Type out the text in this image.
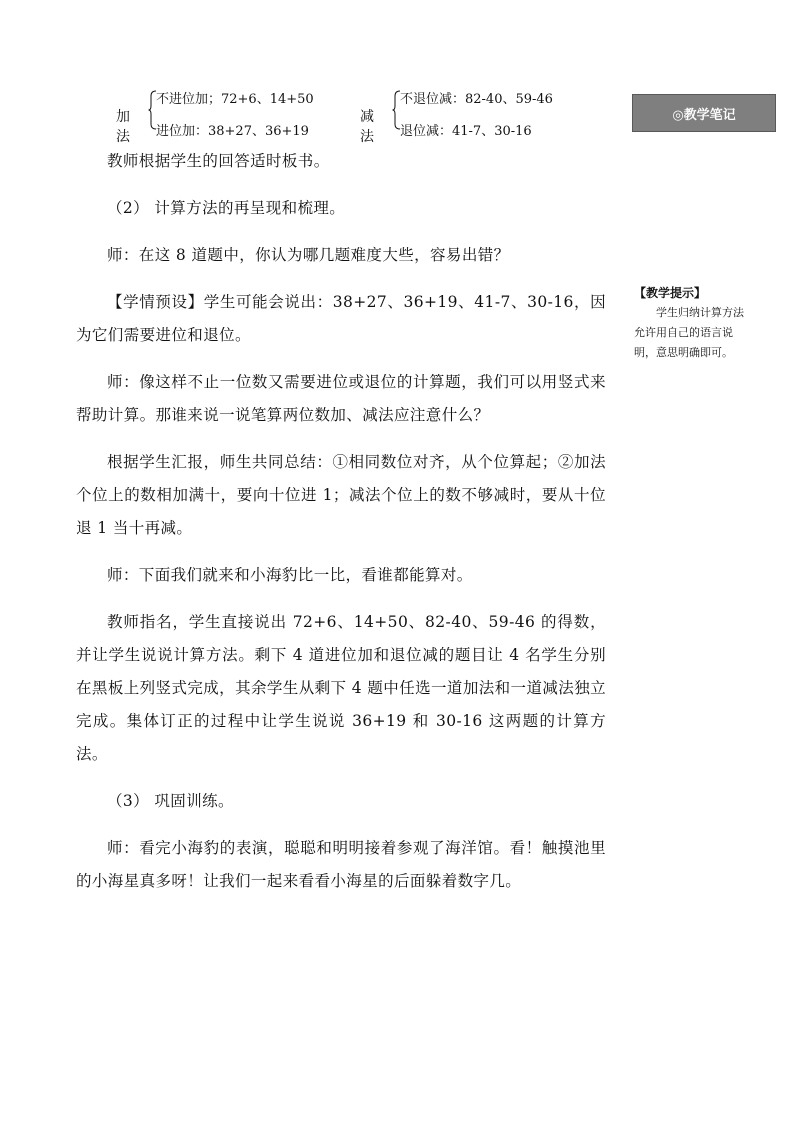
加法
不进位加；72+6、14+50
进位加：38+27、36+19
减法
不退位减：82-40、59-46
退位减：41-7、30-16
◎教学笔记
【教学提示】
学生归纳计算方法允许用自己的语言说明，意思明确即可。

教师根据学生的回答适时板书。

（2） 计算方法的再呈现和梳理。

师：在这 8 道题中，你认为哪几题难度大些，容易出错？

【学情预设】学生可能会说出：38+27、36+19、41-7、30-16，因为它们需要进位和退位。

师：像这样不止一位数又需要进位或退位的计算题，我们可以用竖式来帮助计算。那谁来说一说笔算两位数加、减法应注意什么？

根据学生汇报，师生共同总结：①相同数位对齐，从个位算起；②加法个位上的数相加满十，要向十位进 1；减法个位上的数不够减时，要从十位退 1 当十再减。

师：下面我们就来和小海豹比一比，看谁都能算对。

教师指名，学生直接说出 72+6、14+50、82-40、59-46 的得数，并让学生说说计算方法。剩下 4 道进位加和退位减的题目让 4 名学生分别在黑板上列竖式完成，其余学生从剩下 4 题中任选一道加法和一道减法独立完成。集体订正的过程中让学生说说 36+19 和 30-16 这两题的计算方法。

（3） 巩固训练。

师：看完小海豹的表演，聪聪和明明接着参观了海洋馆。看！触摸池里的小海星真多呀！让我们一起来看看小海星的后面躲着数字几。
